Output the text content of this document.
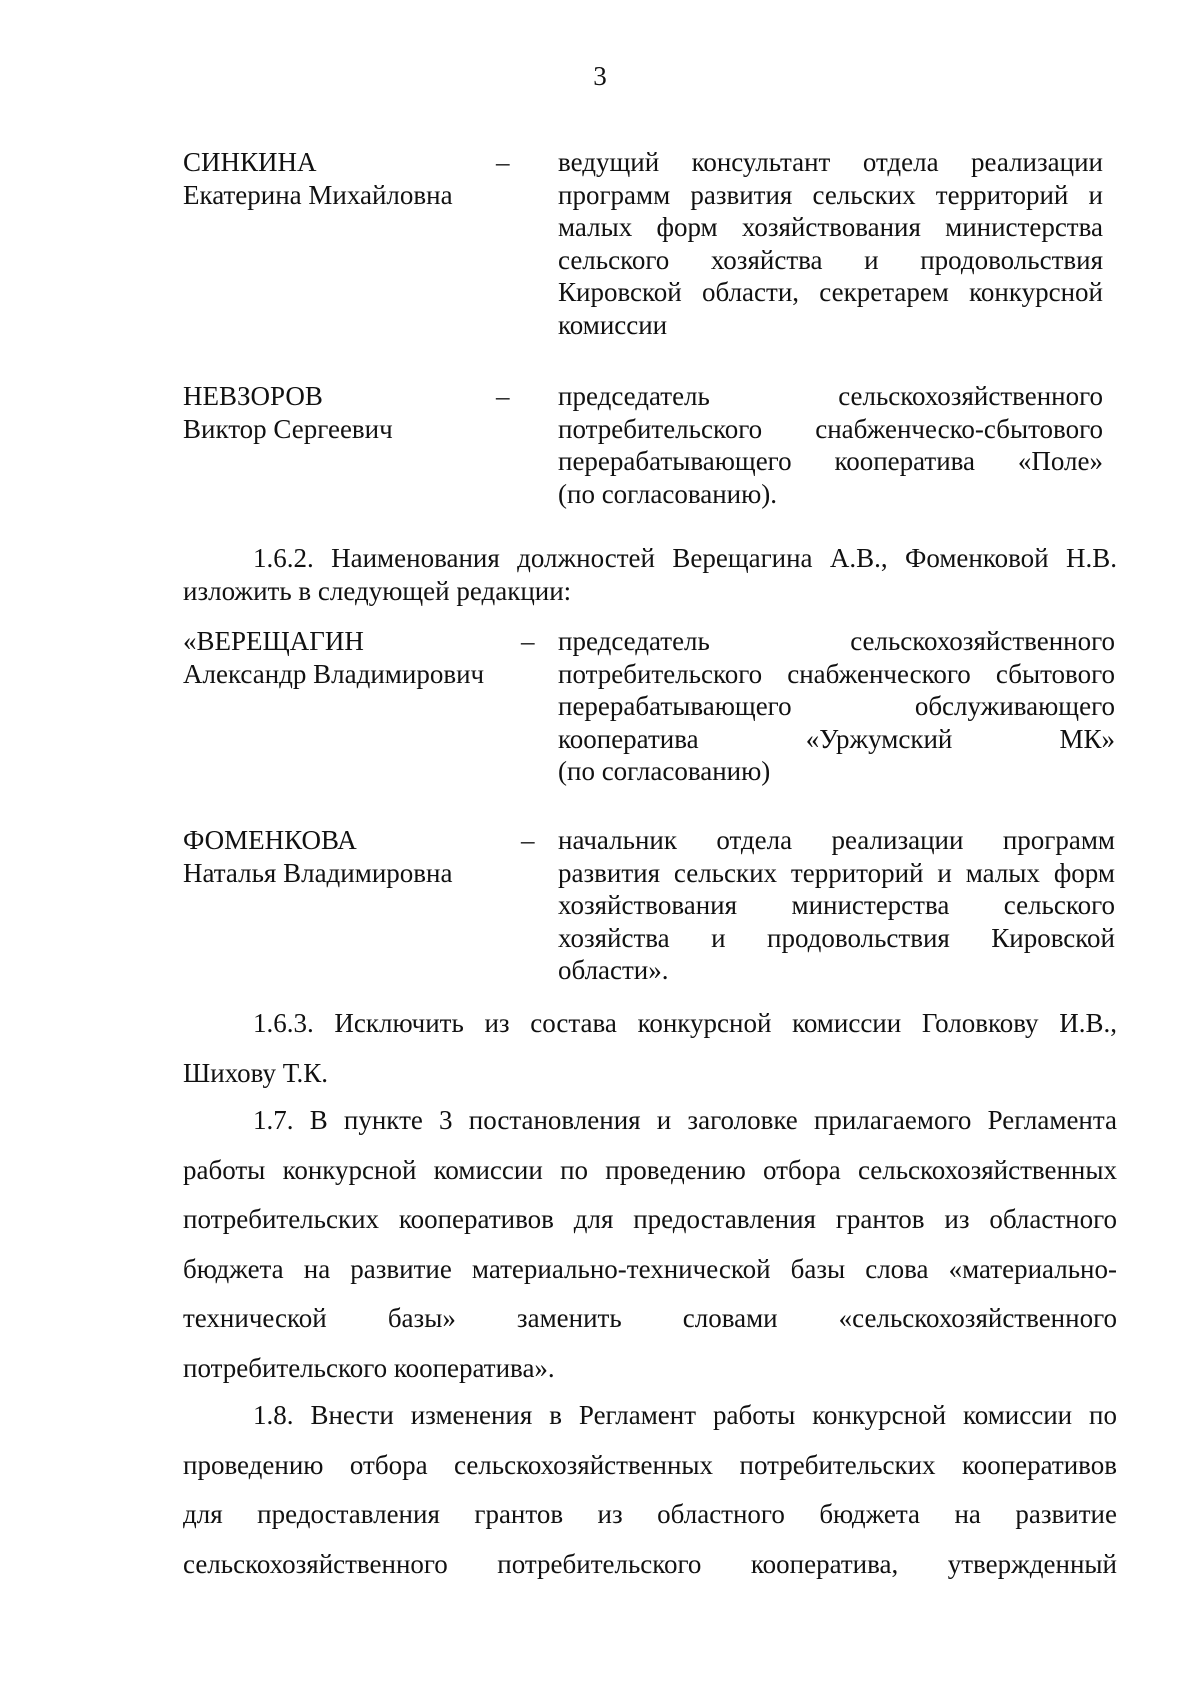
3
СИНКИНА
Екатерина Михайловна
– ведущий консультант отдела реализации
программ развития сельских территорий и
малых форм хозяйствования министерства
сельского хозяйства и продовольствия
Кировской области, секретарем конкурсной
комиссии
НЕВЗОРОВ
Виктор Сергеевич
– председатель сельскохозяйственного
потребительского снабженческо-сбытового
перерабатывающего кооператива «Поле»
(по согласованию).
1.6.2. Наименования должностей Верещагина А.В., Фоменковой Н.В.
изложить в следующей редакции:
«ВЕРЕЩАГИН
Александр Владимирович
– председатель сельскохозяйственного
потребительского снабженческого сбытового
перерабатывающего обслуживающего
кооператива «Уржумский МК»
(по согласованию)
ФОМЕНКОВА
Наталья Владимировна
– начальник отдела реализации программ
развития сельских территорий и малых форм
хозяйствования министерства сельского
хозяйства и продовольствия Кировской
области».
1.6.3. Исключить из состава конкурсной комиссии Головкову И.В.,
Шихову Т.К.
1.7. В пункте 3 постановления и заголовке прилагаемого Регламента
работы конкурсной комиссии по проведению отбора сельскохозяйственных
потребительских кооперативов для предоставления грантов из областного
бюджета на развитие материально-технической базы слова «материально-
технической базы» заменить словами «сельскохозяйственного
потребительского кооператива».
1.8. Внести изменения в Регламент работы конкурсной комиссии по
проведению отбора сельскохозяйственных потребительских кооперативов
для предоставления грантов из областного бюджета на развитие
сельскохозяйственного потребительского кооператива, утвержденный
